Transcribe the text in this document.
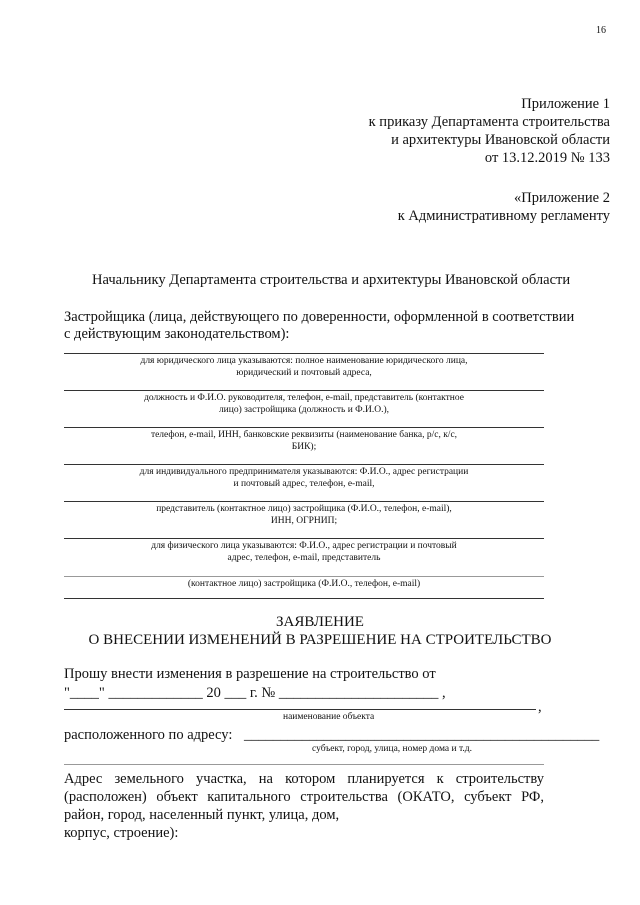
16
Приложение 1
к приказу Департамента строительства
и архитектуры Ивановской области
от 13.12.2019 № 133
«Приложение 2
к Административному регламенту
Начальнику Департамента строительства и архитектуры Ивановской области
Застройщика (лица, действующего по доверенности, оформленной в соответствии
с действующим законодательством):
для юридического лица указываются: полное наименование юридического лица,
юридический и почтовый адреса,
должность и Ф.И.О. руководителя, телефон, e-mail, представитель (контактное
лицо) застройщика (должность и Ф.И.О.),
телефон, e-mail, ИНН, банковские реквизиты (наименование банка, р/с, к/с,
БИК);
для индивидуального предпринимателя указываются: Ф.И.О., адрес регистрации
и почтовый адрес, телефон, e-mail,
представитель (контактное лицо) застройщика (Ф.И.О., телефон, e-mail),
ИНН, ОГРНИП;
для физического лица указываются: Ф.И.О., адрес регистрации и почтовый
адрес, телефон, e-mail, представитель
(контактное лицо) застройщика (Ф.И.О., телефон, e-mail)
ЗАЯВЛЕНИЕ
О ВНЕСЕНИИ ИЗМЕНЕНИЙ В РАЗРЕШЕНИЕ НА СТРОИТЕЛЬСТВО
Прошу внести изменения в разрешение на строительство от
"____" _____________ 20 ___ г. № ______________________ ,
,
наименование объекта
расположенного по адресу: _________________________________________________
субъект, город, улица, номер дома и т.д.
Адрес земельного участка, на котором планируется к строительству (расположен) объект капитального строительства (ОКАТО, субъект РФ, район, город, населенный пункт, улица, дом,
корпус, строение):
